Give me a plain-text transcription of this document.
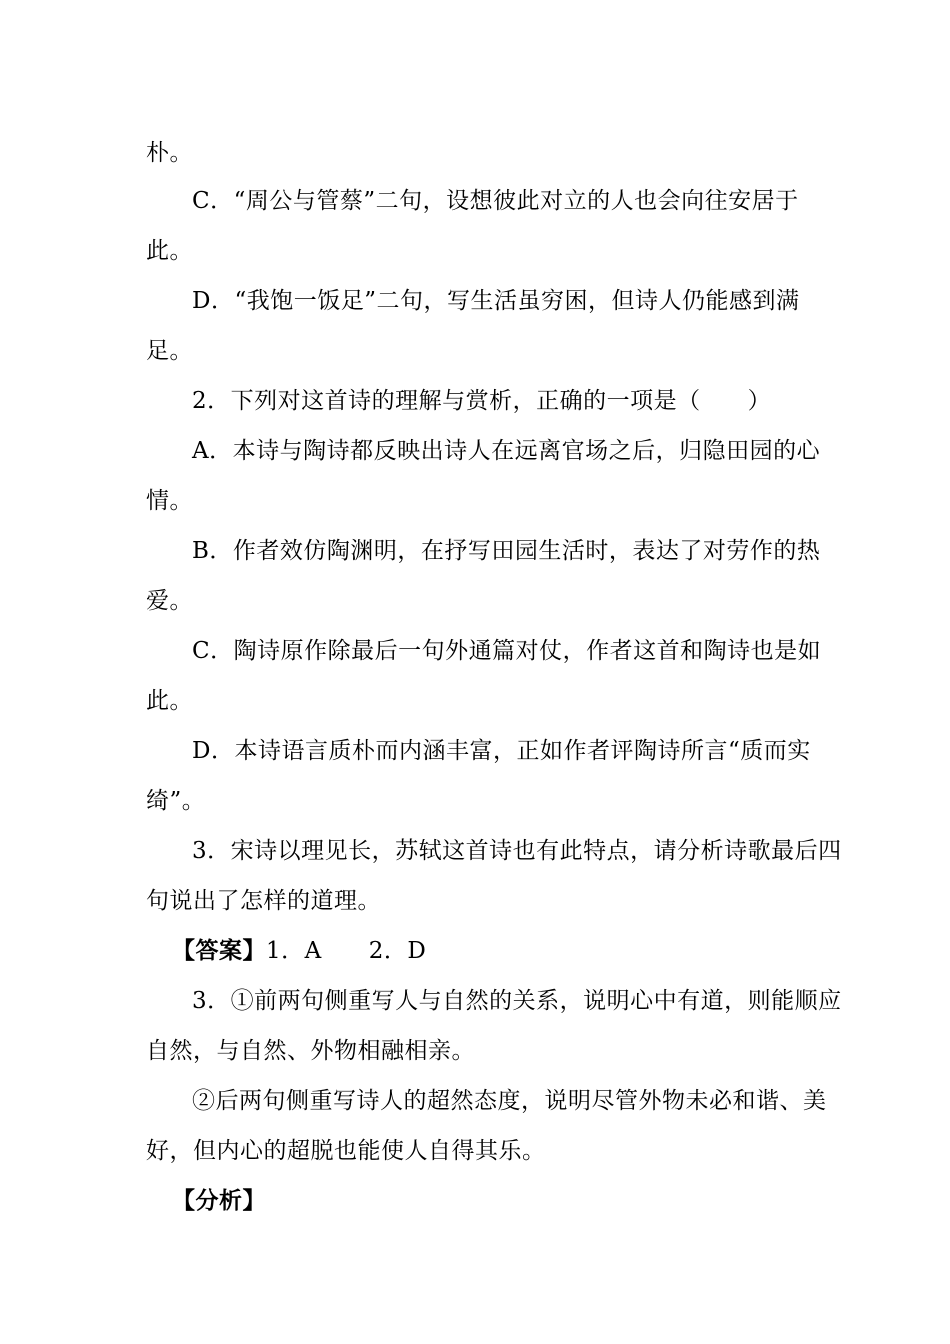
朴。
C．“周公与管蔡”二句，设想彼此对立的人也会向往安居于
此。
D．“我饱一饭足”二句，写生活虽穷困，但诗人仍能感到满
足。
2．下列对这首诗的理解与赏析，正确的一项是（　　）
A．本诗与陶诗都反映出诗人在远离官场之后，归隐田园的心
情。
B．作者效仿陶渊明，在抒写田园生活时，表达了对劳作的热
爱。
C．陶诗原作除最后一句外通篇对仗，作者这首和陶诗也是如
此。
D．本诗语言质朴而内涵丰富，正如作者评陶诗所言“质而实
绮”。
3．宋诗以理见长，苏轼这首诗也有此特点，请分析诗歌最后四
句说出了怎样的道理。
【答案】1．A　　2．D
3．①前两句侧重写人与自然的关系，说明心中有道，则能顺应
自然，与自然、外物相融相亲。
②后两句侧重写诗人的超然态度，说明尽管外物未必和谐、美
好，但内心的超脱也能使人自得其乐。
【分析】
